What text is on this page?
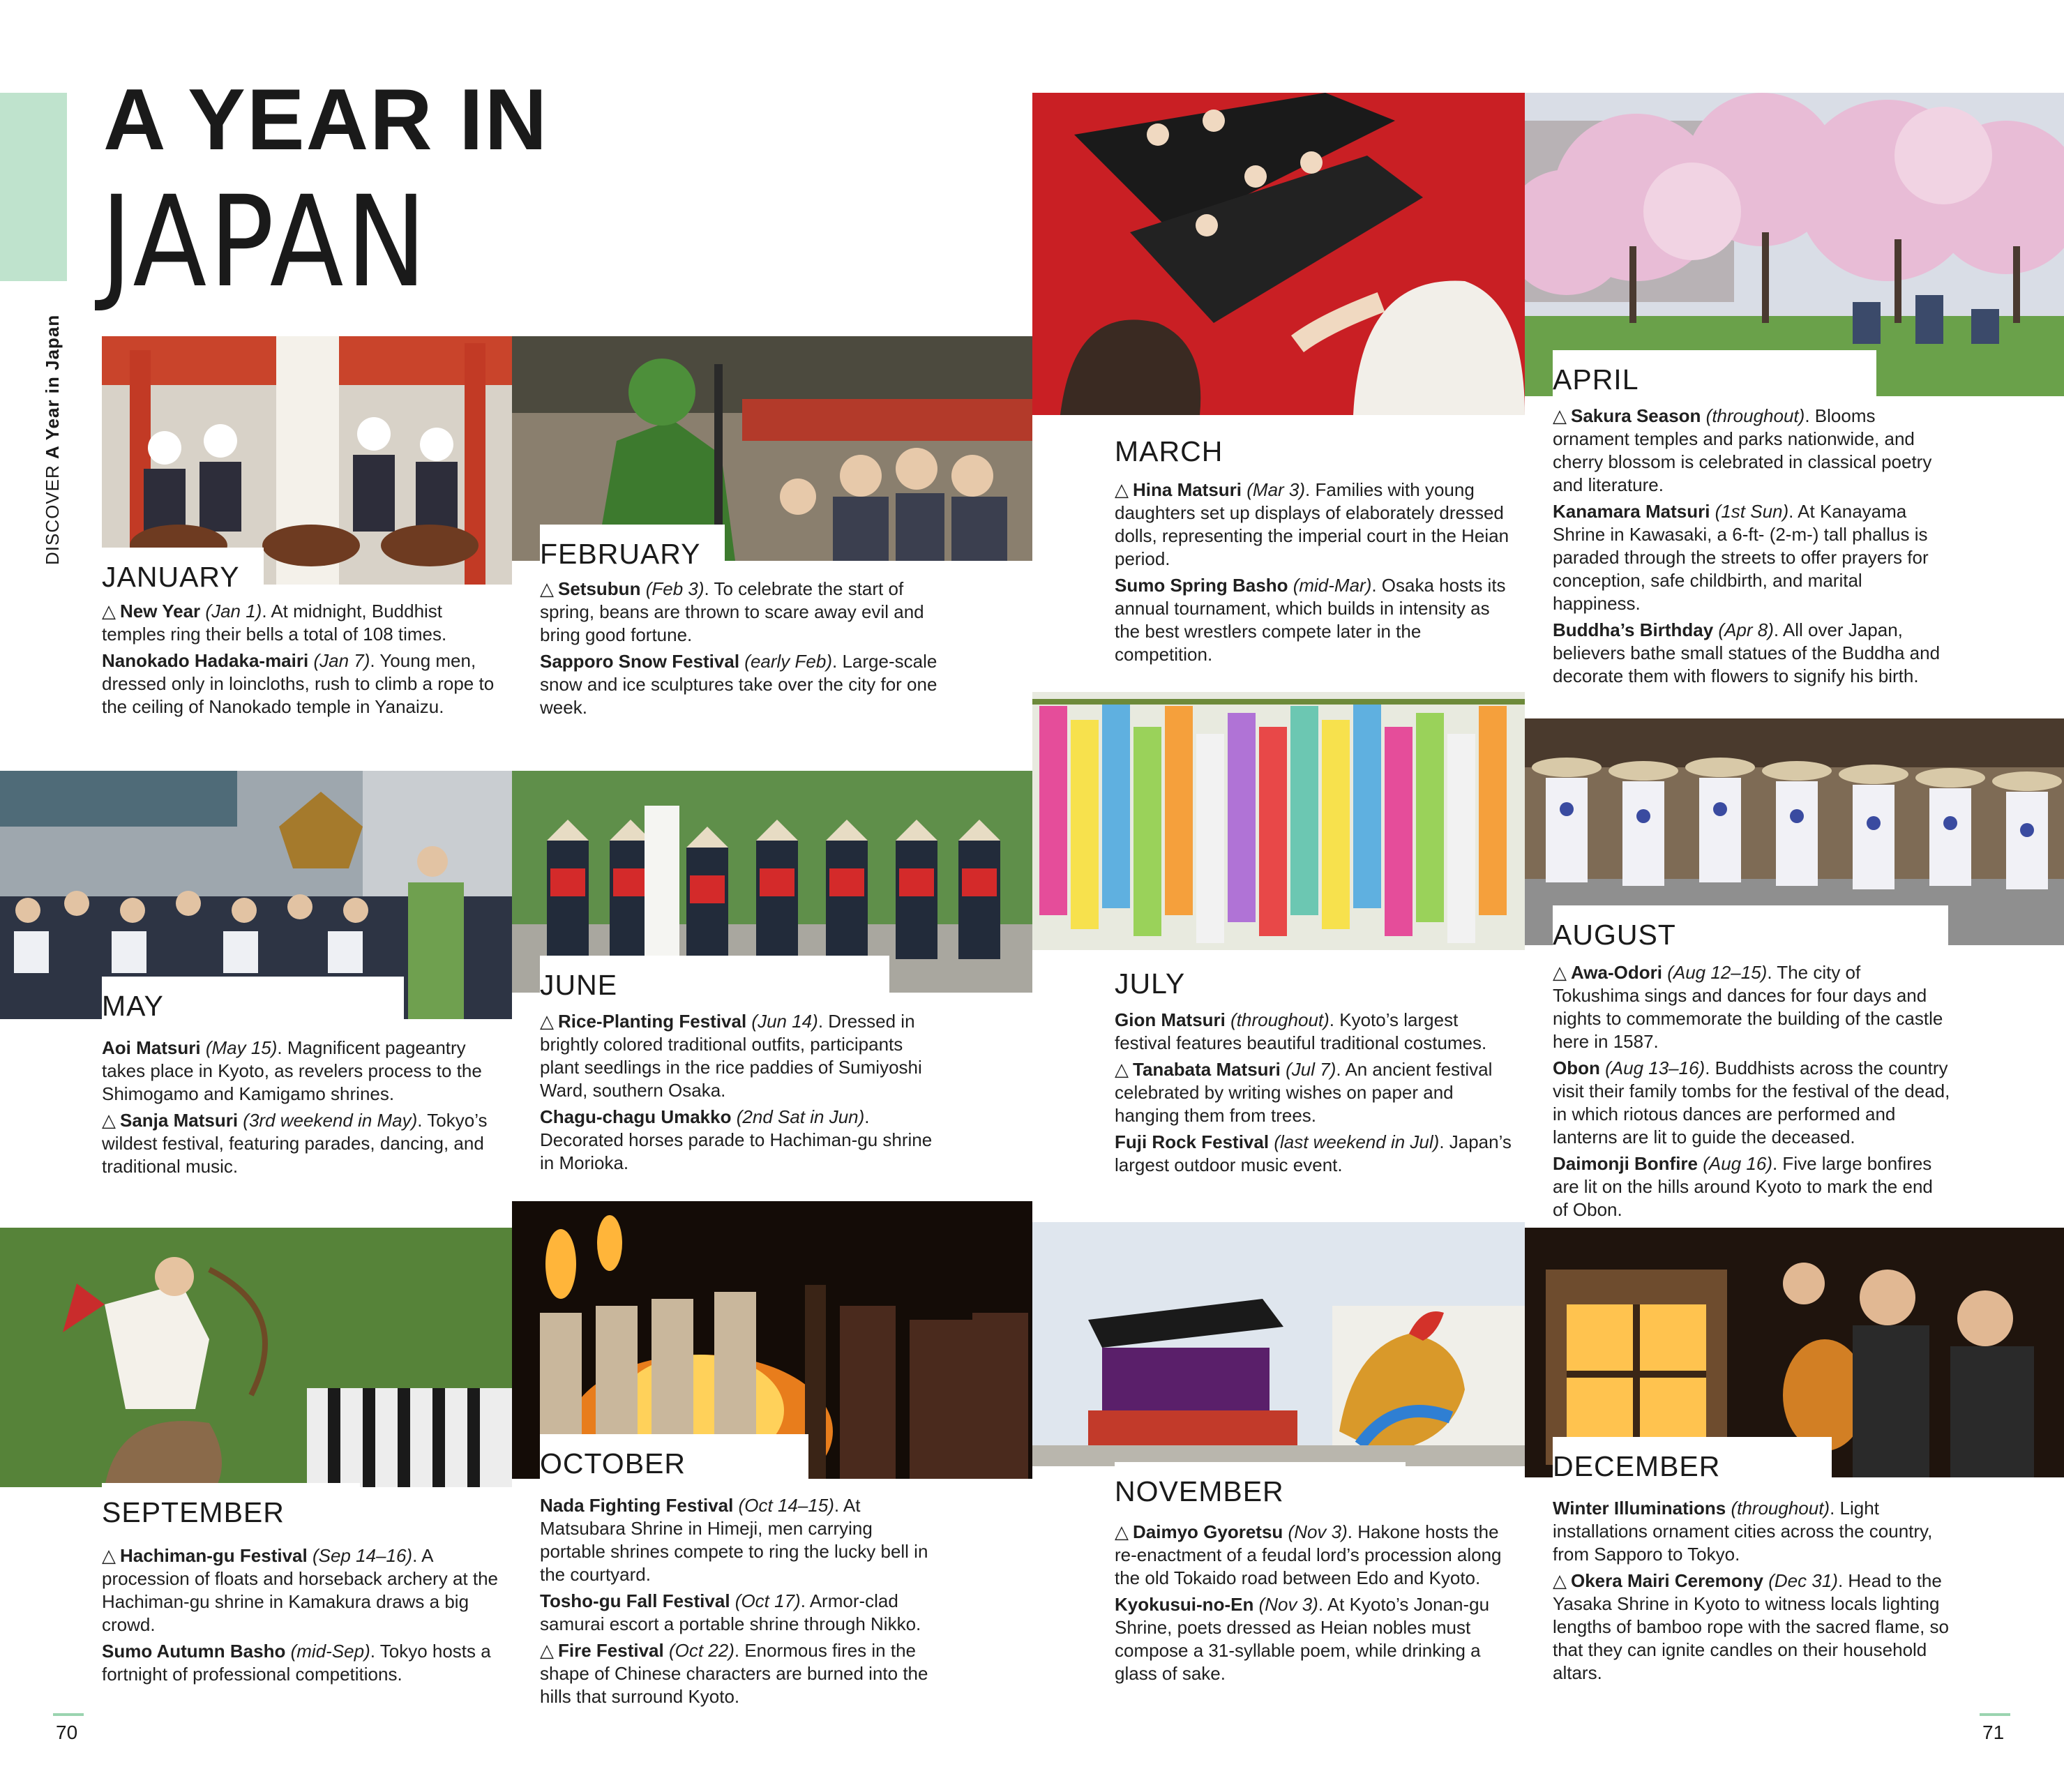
A YEAR IN
JAPAN
DISCOVER A Year in Japan
JANUARY
FEBRUARY
MARCH
APRIL
MAY
JUNE	JULY
AUGUST
SEPTEMBER
OCTOBER
NOVEMBER
DECEMBER

△ New Year (Jan 1). At midnight, Buddhist temples ring their bells a total of 108 times.

Nanokado Hadaka-mairi (Jan 7). Young men, dressed only in loincloths, rush to climb a rope to the ceiling of Nanokado temple in Yanaizu.

△ Setsubun (Feb 3). To celebrate the start of spring, beans are thrown to scare away evil and bring good fortune.

Sapporo Snow Festival (early Feb). Large-scale snow and ice sculptures take over the city for one week.

△ Hina Matsuri (Mar 3). Families with young daughters set up displays of elaborately dressed dolls, representing the imperial court in the Heian period.

Sumo Spring Basho (mid-Mar). Osaka hosts its annual tournament, which builds in intensity as the best wrestlers compete later in the competition.

△ Sakura Season (throughout). Blooms ornament temples and parks nationwide, and cherry blossom is celebrated in classical poetry and literature.

Kanamara Matsuri (1st Sun). At Kanayama Shrine in Kawasaki, a 6-ft- (2-m-) tall phallus is paraded through the streets to offer prayers for conception, safe childbirth, and marital happiness.

Buddha’s Birthday (Apr 8). All over Japan, believers bathe small statues of the Buddha and decorate them with flowers to signify his birth.

Aoi Matsuri (May 15). Magnificent pageantry takes place in Kyoto, as revelers process to the Shimogamo and Kamigamo shrines.

△ Sanja Matsuri (3rd weekend in May). Tokyo’s wildest festival, featuring parades, dancing, and traditional music.

△ Rice-Planting Festival (Jun 14). Dressed in brightly colored traditional outfits, participants plant seedlings in the rice paddies of Sumiyoshi Ward, southern Osaka.

Chagu-chagu Umakko (2nd Sat in Jun). Decorated horses parade to Hachiman-gu shrine in Morioka.

Gion Matsuri (throughout). Kyoto’s largest festival features beautiful traditional costumes.

△ Tanabata Matsuri (Jul 7). An ancient festival celebrated by writing wishes on paper and hanging them from trees.

Fuji Rock Festival (last weekend in Jul). Japan’s largest outdoor music event.

△ Awa-Odori (Aug 12–15). The city of Tokushima sings and dances for four days and nights to commemorate the building of the castle here in 1587.

Obon (Aug 13–16). Buddhists across the country visit their family tombs for the festival of the dead, in which riotous dances are performed and lanterns are lit to guide the deceased.

Daimonji Bonfire (Aug 16). Five large bonfires are lit on the hills around Kyoto to mark the end of Obon.

△ Hachiman-gu Festival (Sep 14–16). A procession of floats and horseback archery at the Hachiman-gu shrine in Kamakura draws a big crowd.

Sumo Autumn Basho (mid-Sep). Tokyo hosts a fortnight of professional competitions.

Nada Fighting Festival (Oct 14–15). At Matsubara Shrine in Himeji, men carrying portable shrines compete to ring the lucky bell in the courtyard.

Tosho-gu Fall Festival (Oct 17). Armor-clad samurai escort a portable shrine through Nikko.

△ Fire Festival (Oct 22). Enormous fires in the shape of Chinese characters are burned into the hills that surround Kyoto.

△ Daimyo Gyoretsu (Nov 3). Hakone hosts the re-enactment of a feudal lord’s procession along the old Tokaido road between Edo and Kyoto.

Kyokusui-no-En (Nov 3). At Kyoto’s Jonan-gu Shrine, poets dressed as Heian nobles must compose a 31-syllable poem, while drinking a glass of sake.

Winter Illuminations (throughout). Light installations ornament cities across the country, from Sapporo to Tokyo.

△ Okera Mairi Ceremony (Dec 31). Head to the Yasaka Shrine in Kyoto to witness locals lighting lengths of bamboo rope with the sacred flame, so that they can ignite candles on their household altars.

70	71
